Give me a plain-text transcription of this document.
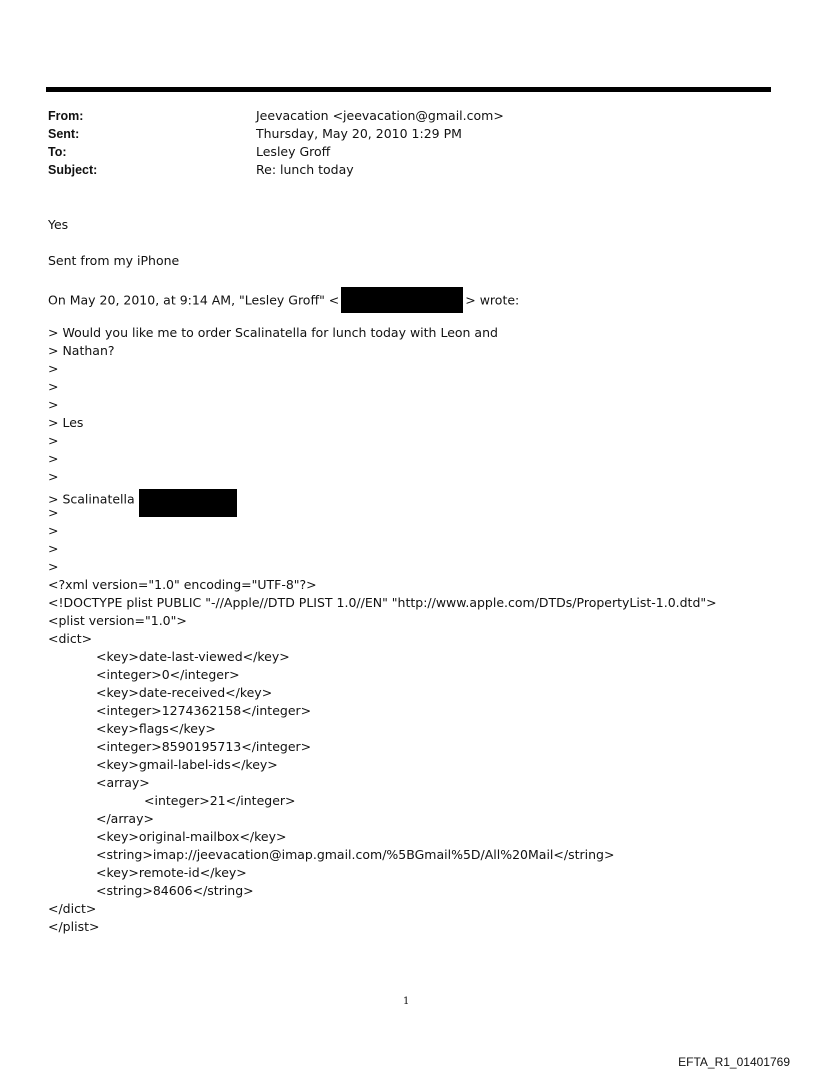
From:	Jeevacation <jeevacation@gmail.com>
Sent:	Thursday, May 20, 2010 1:29 PM
To:	Lesley Groff
Subject:	Re: lunch today
Yes
Sent from my iPhone
On May 20, 2010, at 9:14 AM, "Lesley Groff" <	> wrote:
> Would you like me to order Scalinatella for lunch today with Leon and
> Nathan?
>
>
>
> Les
>
>
>
> Scalinatella
>
>
>
>
<?xml version="1.0" encoding="UTF-8"?>
<!DOCTYPE plist PUBLIC "-//Apple//DTD PLIST 1.0//EN" "http://www.apple.com/DTDs/PropertyList-1.0.dtd">
<plist version="1.0">
<dict>
<key>date-last-viewed</key>
<integer>0</integer>
<key>date-received</key>
<integer>1274362158</integer>
<key>flags</key>
<integer>8590195713</integer>
<key>gmail-label-ids</key>
<array>
<integer>21</integer>
</array>
<key>original-mailbox</key>
<string>imap://jeevacation@imap.gmail.com/%5BGmail%5D/All%20Mail</string>
<key>remote-id</key>
<string>84606</string>
</dict>
</plist>
1
EFTA_R1_01401769
